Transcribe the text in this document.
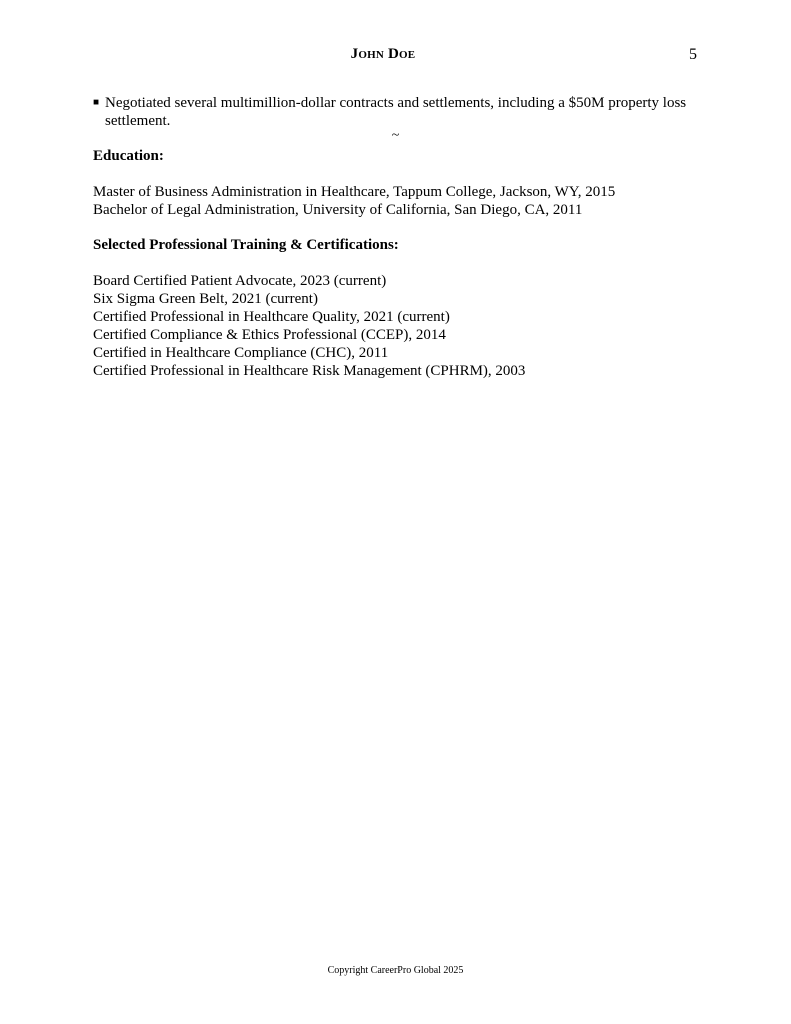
John Doe	5
■ Negotiated several multimillion-dollar contracts and settlements, including a $50M property loss settlement.
~
Education:
Master of Business Administration in Healthcare, Tappum College, Jackson, WY, 2015
Bachelor of Legal Administration, University of California, San Diego, CA, 2011
Selected Professional Training & Certifications:
Board Certified Patient Advocate, 2023 (current)
Six Sigma Green Belt, 2021 (current)
Certified Professional in Healthcare Quality, 2021 (current)
Certified Compliance & Ethics Professional (CCEP), 2014
Certified in Healthcare Compliance (CHC), 2011
Certified Professional in Healthcare Risk Management (CPHRM), 2003
Copyright CareerPro Global 2025
